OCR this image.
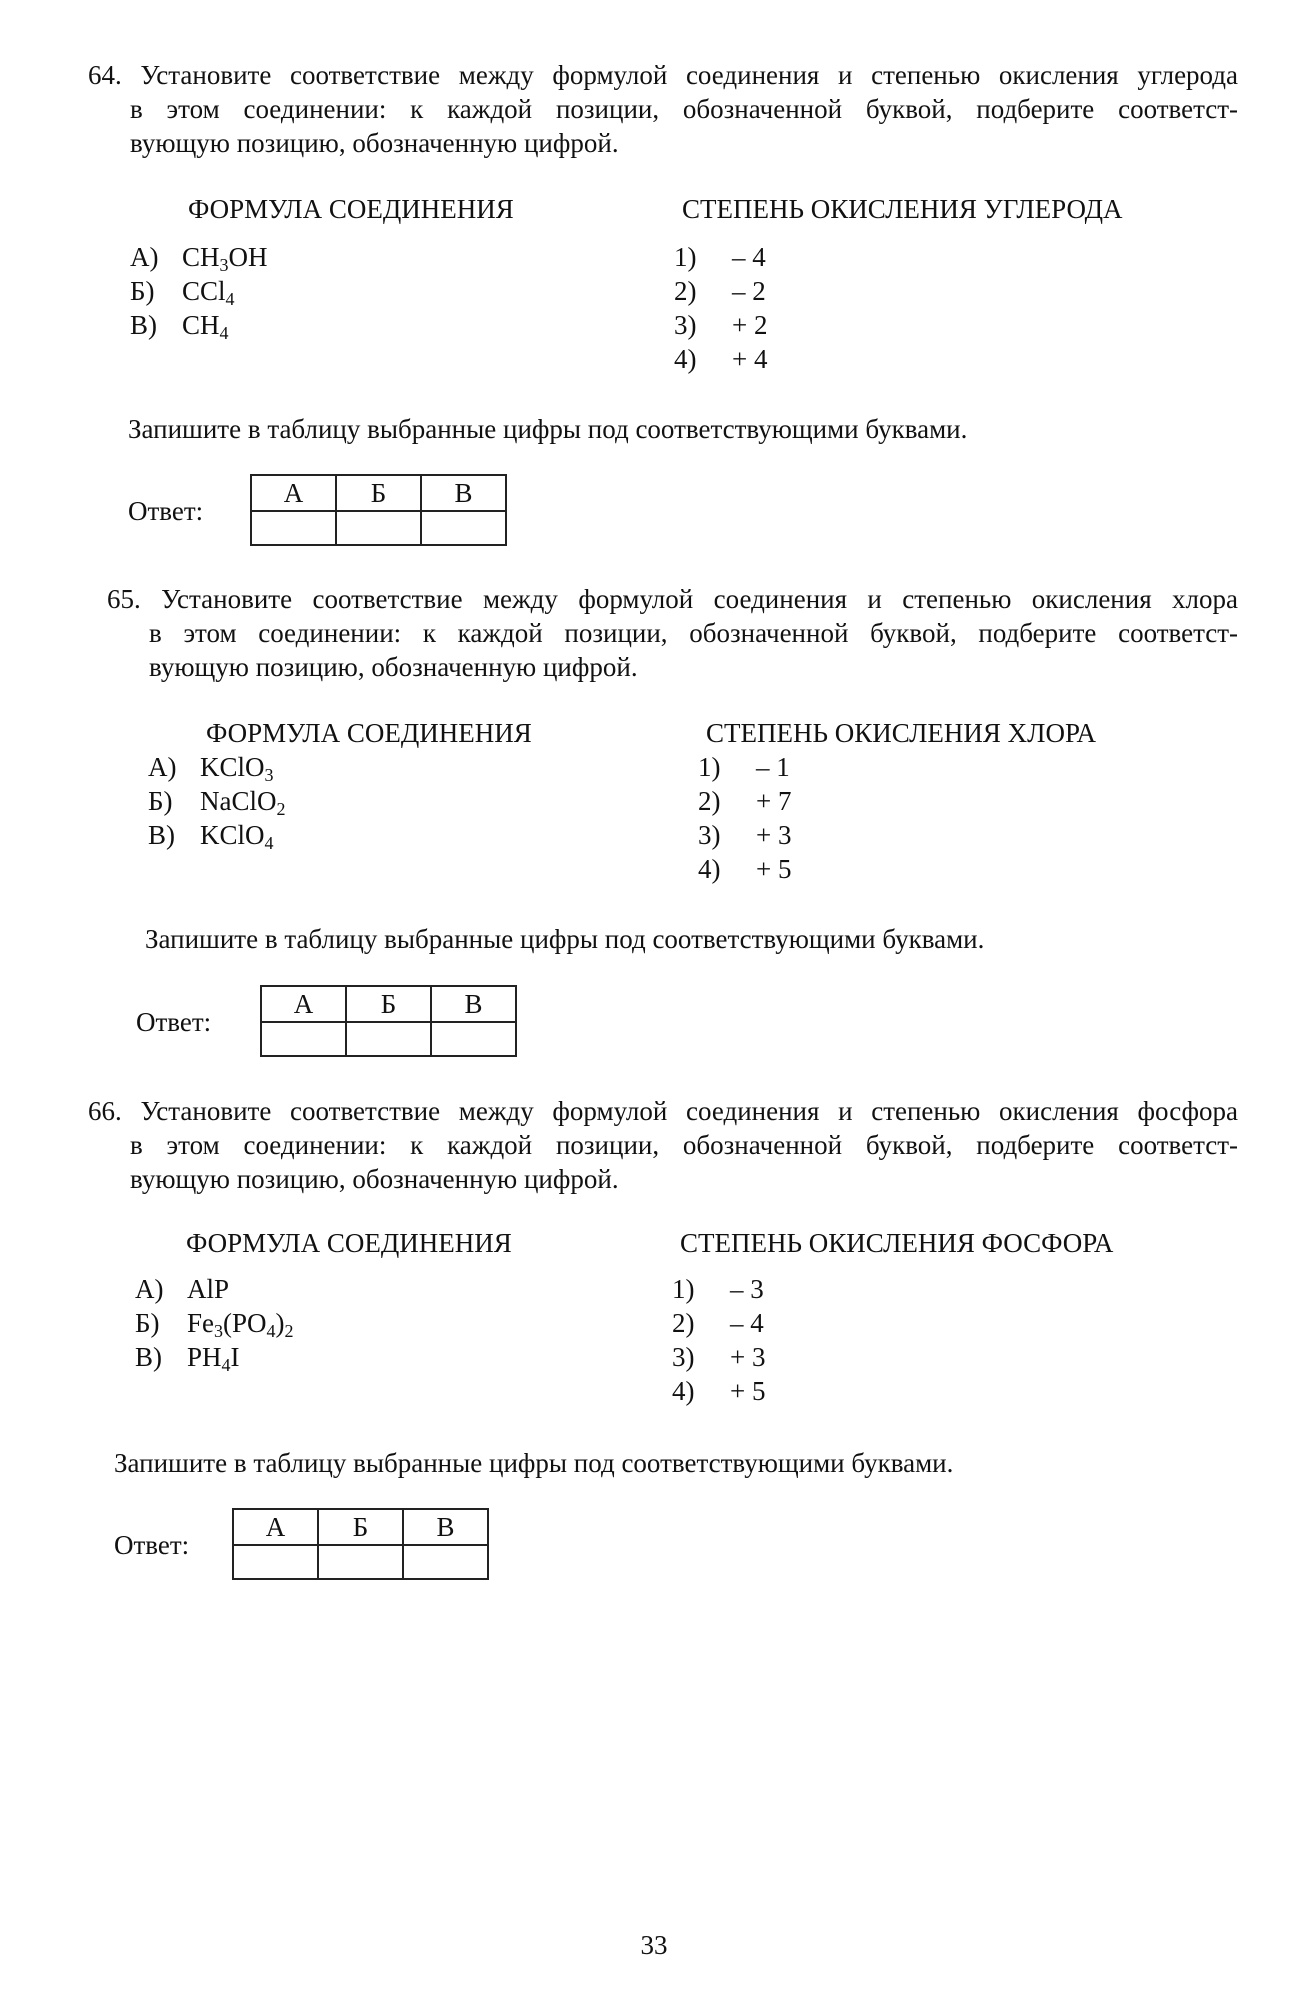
64. Установите соответствие между формулой соединения и степенью окисления углерода
в этом соединении: к каждой позиции, обозначенной буквой, подберите соответст-
вующую позицию, обозначенную цифрой.
ФОРМУЛА СОЕДИНЕНИЯ	СТЕПЕНЬ ОКИСЛЕНИЯ УГЛЕРОДА
А) $CH_3OH$
Б) CCl$_4$
В) $CH_4$
1) – 4
2) – 2
3) + 2
4) + 4
Запишите в таблицу выбранные цифры под соответствующими буквами.
Ответ:
А	Б	В

65. Установите соответствие между формулой соединения и степенью окисления хлора
в этом соединении: к каждой позиции, обозначенной буквой, подберите соответст-
вующую позицию, обозначенную цифрой.
ФОРМУЛА СОЕДИНЕНИЯ	СТЕПЕНЬ ОКИСЛЕНИЯ ХЛОРА
А) KClO$_3$
Б) NaClO$_2$
В) KClO$_4$
1) – 1
2) + 7
3) + 3
4) + 5
Запишите в таблицу выбранные цифры под соответствующими буквами.
Ответ:
А	Б	В

66. Установите соответствие между формулой соединения и степенью окисления фосфора
в этом соединении: к каждой позиции, обозначенной буквой, подберите соответст-
вующую позицию, обозначенную цифрой.
ФОРМУЛА СОЕДИНЕНИЯ	СТЕПЕНЬ ОКИСЛЕНИЯ ФОСФОРА
А) AlP
Б) $Fe_3(PO_4)_2$
В) $PH_4I$
1) – 3
2) – 4
3) + 3
4) + 5
Запишите в таблицу выбранные цифры под соответствующими буквами.
Ответ:
А	Б	В

33
